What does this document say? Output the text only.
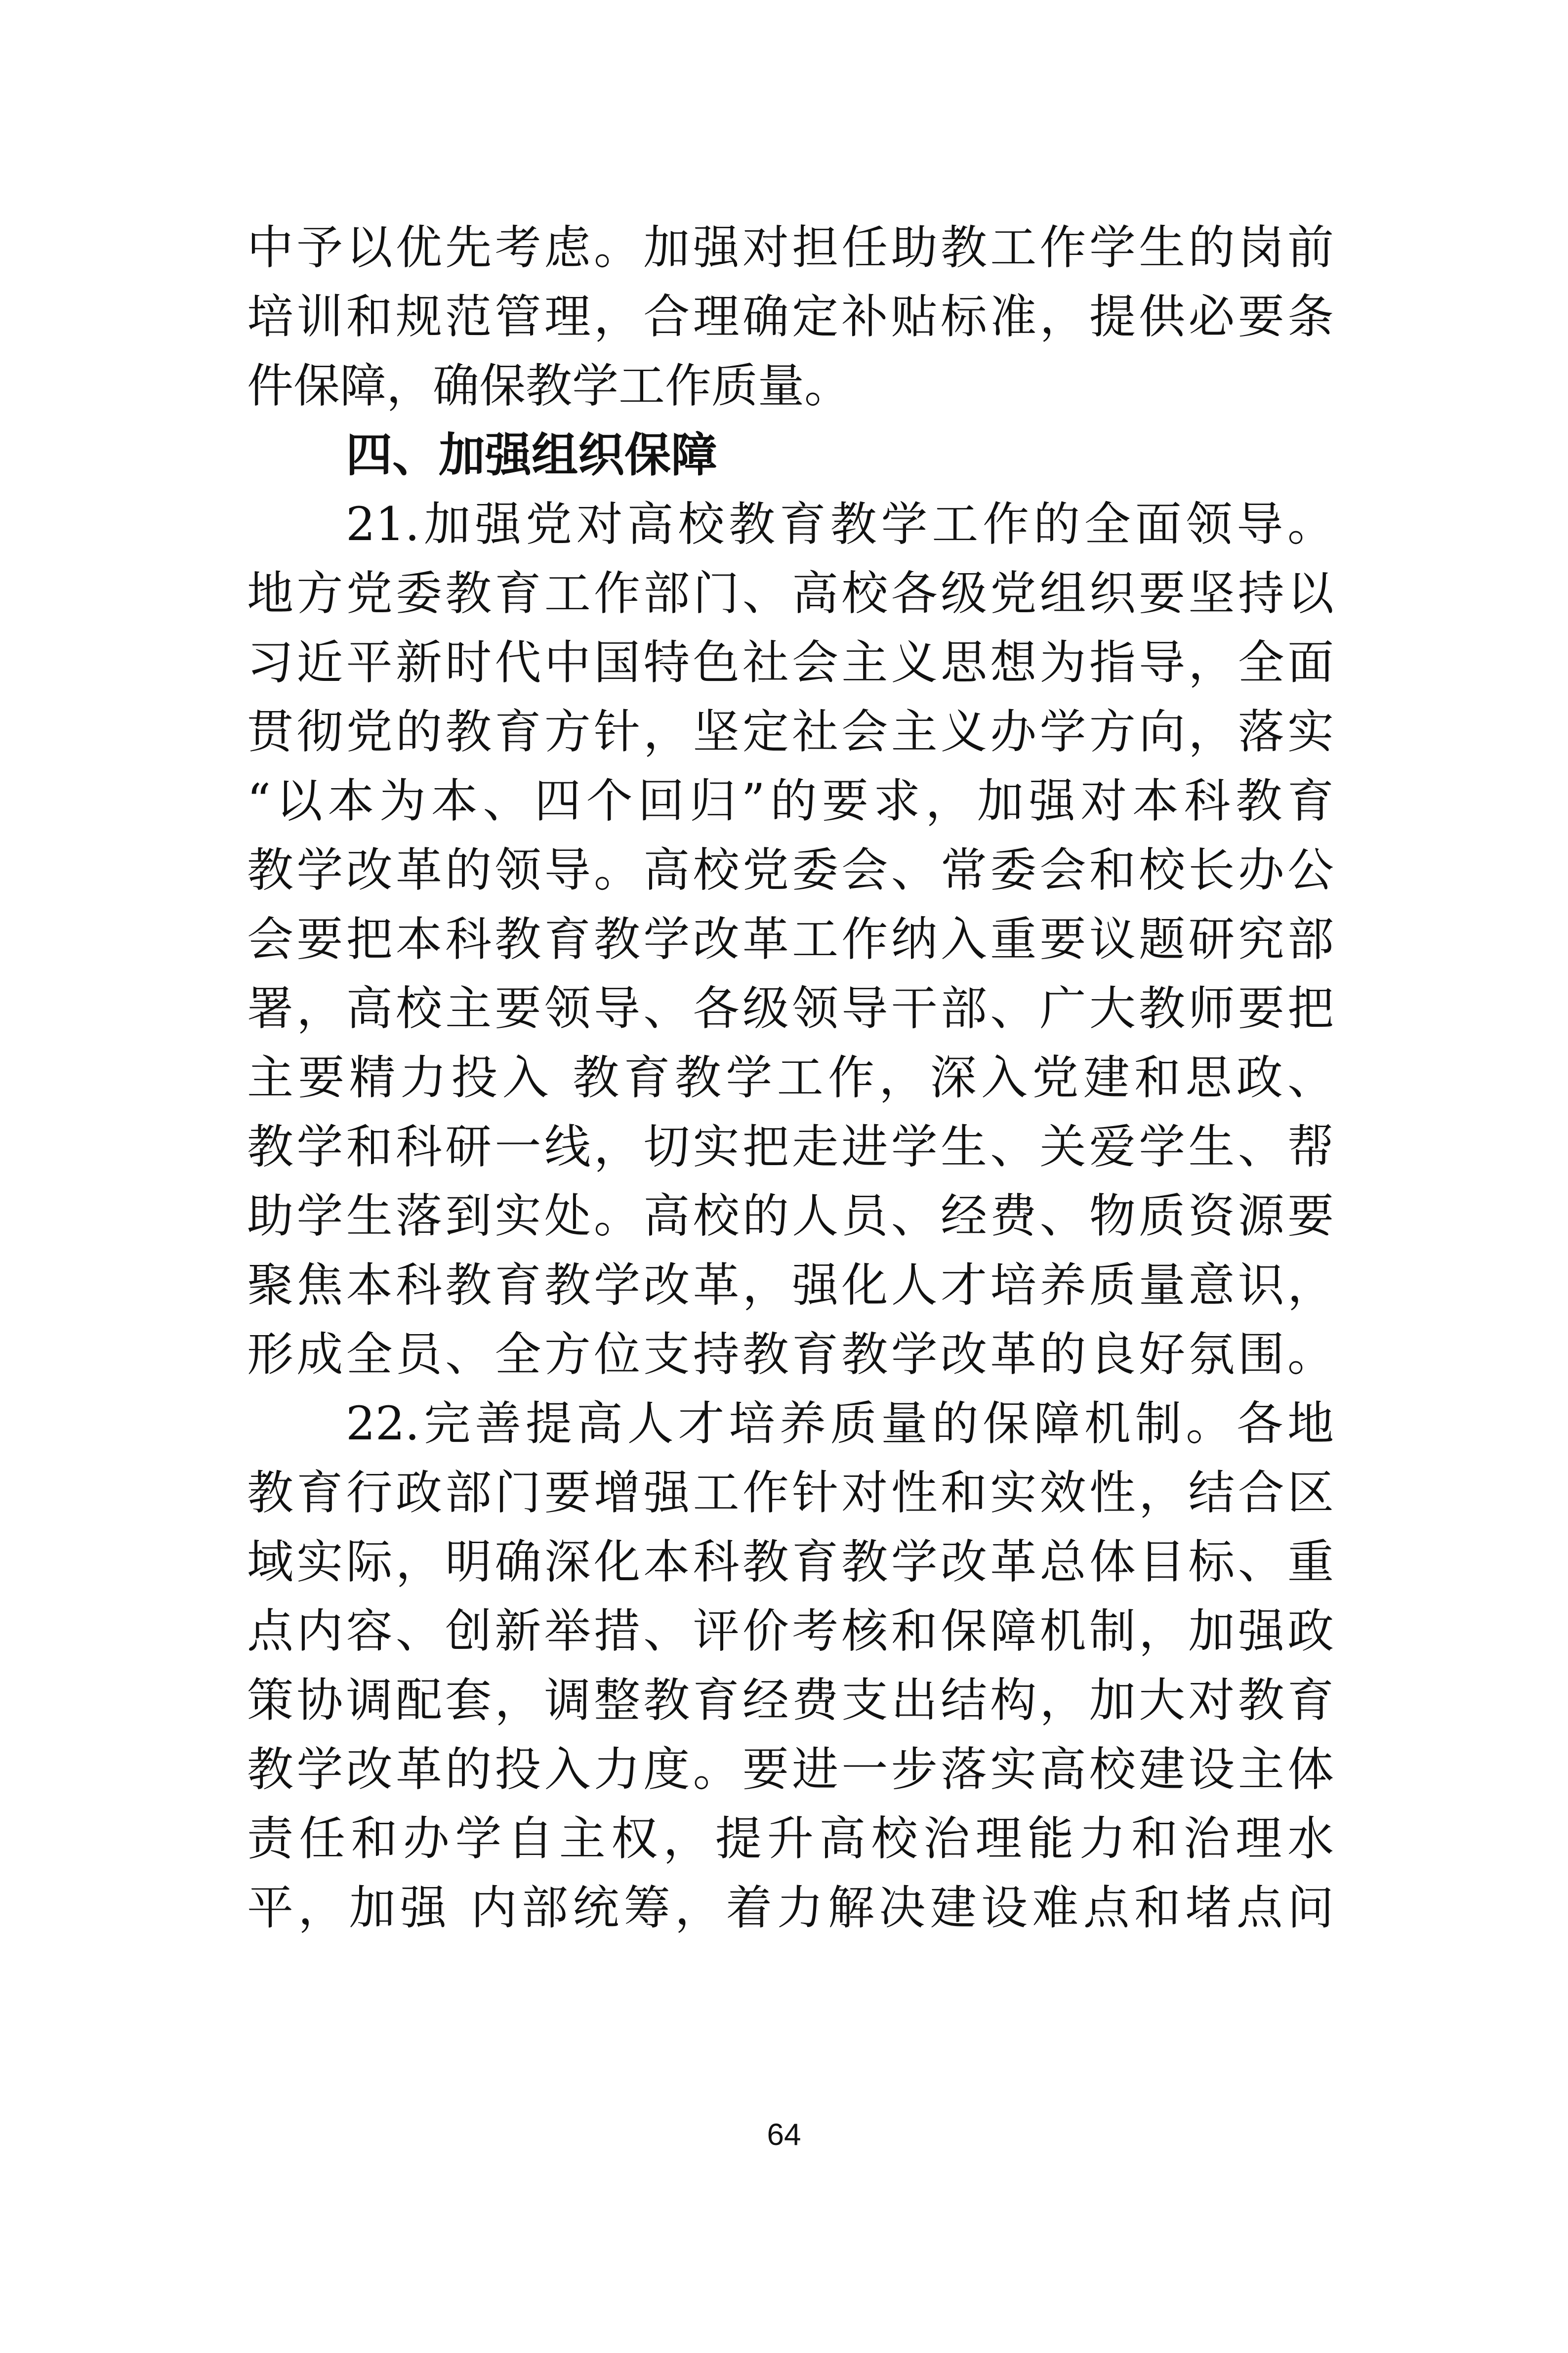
中予以优先考虑。加强对担任助教工作学生的岗前
培训和规范管理，合理确定补贴标准，提供必要条
件保障，确保教学工作质量。
四、加强组织保障
21.加强党对高校教育教学工作的全面领导。
地方党委教育工作部门、高校各级党组织要坚持以
习近平新时代中国特色社会主义思想为指导，全面
贯彻党的教育方针，坚定社会主义办学方向，落实
“以本为本、四个回归”的要求，加强对本科教育
教学改革的领导。高校党委会、常委会和校长办公
会要把本科教育教学改革工作纳入重要议题研究部
署，高校主要领导、各级领导干部、广大教师要把
主要精力投入 教育教学工作，深入党建和思政、
教学和科研一线，切实把走进学生、关爱学生、帮
助学生落到实处。高校的人员、经费、物质资源要
聚焦本科教育教学改革，强化人才培养质量意识，
形成全员、全方位支持教育教学改革的良好氛围。
22.完善提高人才培养质量的保障机制。各地
教育行政部门要增强工作针对性和实效性，结合区
域实际，明确深化本科教育教学改革总体目标、重
点内容、创新举措、评价考核和保障机制，加强政
策协调配套，调整教育经费支出结构，加大对教育
教学改革的投入力度。要进一步落实高校建设主体
责任和办学自主权，提升高校治理能力和治理水
平，加强 内部统筹，着力解决建设难点和堵点问
64
